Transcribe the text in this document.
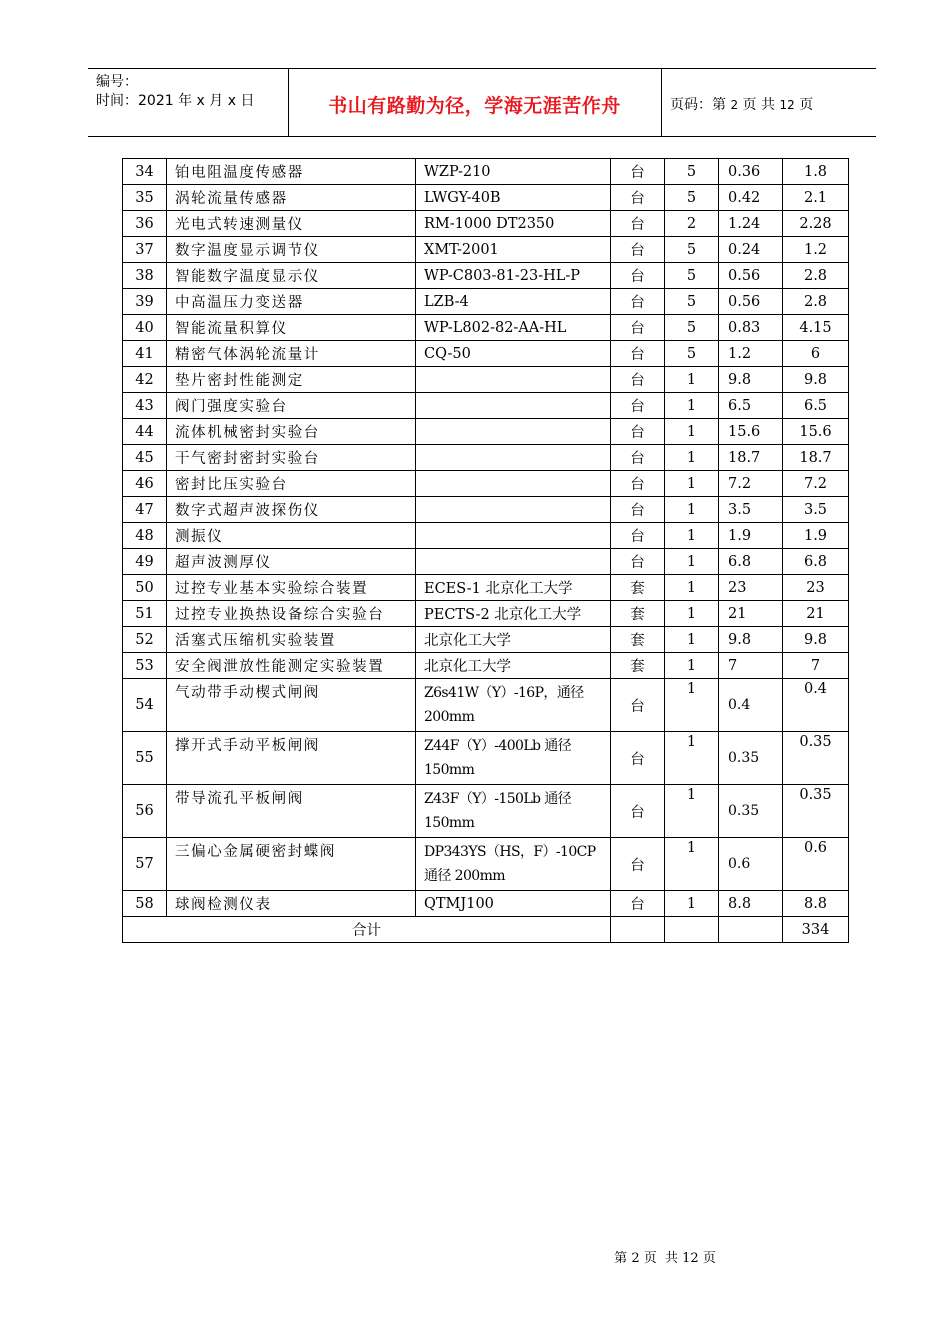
编号：
时间：2021 年 x 月 x 日	书山有路勤为径，学海无涯苦作舟	页码：第 2 页 共 12 页
34	铂电阻温度传感器	WZP-210	台	5	0.36	1.8
35	涡轮流量传感器	LWGY-40B	台	5	0.42	2.1
36	光电式转速测量仪	RM-1000 DT2350	台	2	1.24	2.28
37	数字温度显示调节仪	XMT-2001	台	5	0.24	1.2
38	智能数字温度显示仪	WP-C803-81-23-HL-P	台	5	0.56	2.8
39	中高温压力变送器	LZB-4	台	5	0.56	2.8
40	智能流量积算仪	WP-L802-82-AA-HL	台	5	0.83	4.15
41	精密气体涡轮流量计	CQ-50	台	5	1.2	6
42	垫片密封性能测定		台	1	9.8	9.8
43	阀门强度实验台		台	1	6.5	6.5
44	流体机械密封实验台		台	1	15.6	15.6
45	干气密封密封实验台		台	1	18.7	18.7
46	密封比压实验台		台	1	7.2	7.2
47	数字式超声波探伤仪		台	1	3.5	3.5
48	测振仪		台	1	1.9	1.9
49	超声波测厚仪		台	1	6.8	6.8
50	过控专业基本实验综合装置	ECES-1 北京化工大学	套	1	23	23
51	过控专业换热设备综合实验台	PECTS-2 北京化工大学	套	1	21	21
52	活塞式压缩机实验装置	北京化工大学	套	1	9.8	9.8
53	安全阀泄放性能测定实验装置	北京化工大学	套	1	7	7
54	气动带手动楔式闸阀	Z6s41W（Y）-16P，通径 200mm	台	1	0.4	0.4
55	撑开式手动平板闸阀	Z44F（Y）-400Lb 通径 150mm	台	1	0.35	0.35
56	带导流孔平板闸阀	Z43F（Y）-150Lb 通径 150mm	台	1	0.35	0.35
57	三偏心金属硬密封蝶阀	DP343YS（HS，F）-10CP 通径 200mm	台	1	0.6	0.6
58	球阀检测仪表	QTMJ100	台	1	8.8	8.8
合计						334
第 2 页  共 12 页
